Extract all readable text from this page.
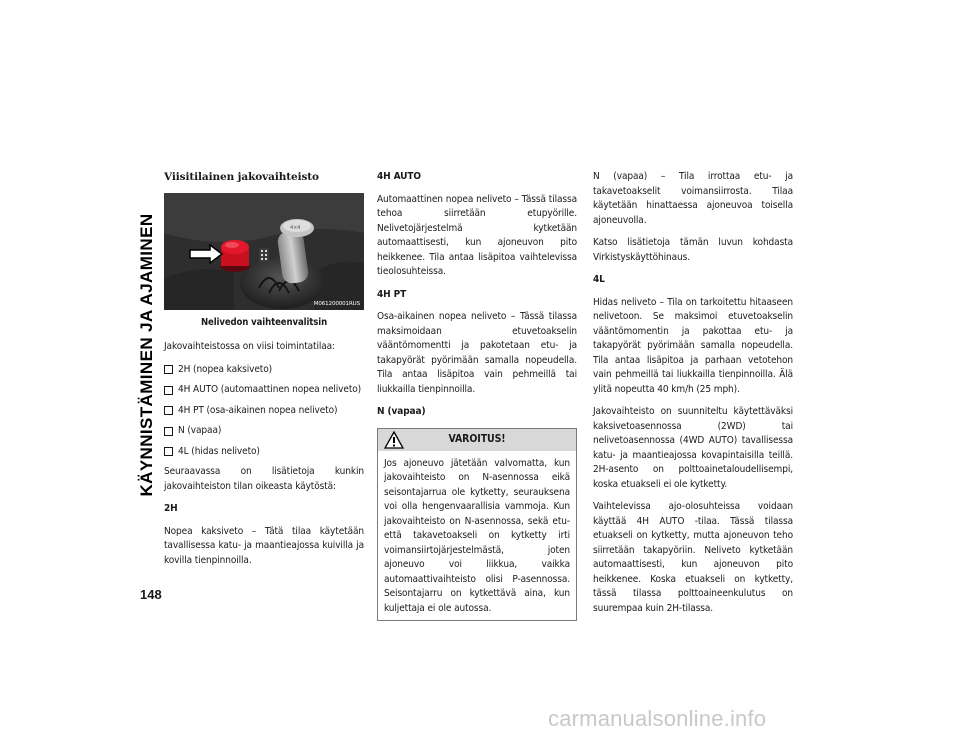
KÄYNNISTÄMINEN JA AJAMINEN
148
Viisitilainen jakovaihteisto
4×4
M061200001RUS
Nelivedon vaihteenvalitsin

Jakovaihteistossa on viisi toimintatilaa:

2H (nopea kaksiveto)
4H AUTO (automaattinen nopea neliveto)
4H PT (osa-aikainen nopea neliveto)
N (vapaa)
4L (hidas neliveto)

Seuraavassa on lisätietoja kunkin jakovaihteiston tilan oikeasta käytöstä:

2H

Nopea kaksiveto – Tätä tilaa käytetään tavallisessa katu- ja maantieajossa kuivilla ja kovilla tienpinnoilla.

4H AUTO

Automaattinen nopea neliveto – Tässä tilassa tehoa siirretään etupyörille. Nelivetojärjestelmä kytketään automaattisesti, kun ajoneuvon pito heikkenee. Tila antaa lisäpitoa vaihtelevissa tieolosuhteissa.

4H PT

Osa-aikainen nopea neliveto – Tässä tilassa maksimoidaan etuvetoakselin vääntömomentti ja pakotetaan etu- ja takapyörät pyörimään samalla nopeudella. Tila antaa lisäpitoa vain pehmeillä tai liukkailla tienpinnoilla.

N (vapaa)
VAROITUS!

Jos ajoneuvo jätetään valvomatta, kun jakovaihteisto on N-asennossa eikä seisontajarrua ole kytketty, seurauksena voi olla hengenvaarallisia vammoja. Kun jakovaihteisto on N-asennossa, sekä etu- että takavetoakseli on kytketty irti voimansiirtojärjestelmästä, joten ajoneuvo voi liikkua, vaikka automaattivaihteisto olisi P-asennossa. Seisontajarru on kytkettävä aina, kun kuljettaja ei ole autossa.

N (vapaa) – Tila irrottaa etu- ja takavetoakselit voimansiirrosta. Tilaa käytetään hinattaessa ajoneuvoa toisella ajoneuvolla.

Katso lisätietoja tämän luvun kohdasta Virkistyskäyttöhinaus.

4L

Hidas neliveto – Tila on tarkoitettu hitaaseen nelivetoon. Se maksimoi etuvetoakselin vääntömomentin ja pakottaa etu- ja takapyörät pyörimään samalla nopeudella. Tila antaa lisäpitoa ja parhaan vetotehon vain pehmeillä tai liukkailla tienpinnoilla. Älä ylitä nopeutta 40 km/h (25 mph).

Jakovaihteisto on suunniteltu käytettäväksi kaksivetoasennossa (2WD) tai nelivetoasennossa (4WD AUTO) tavallisessa katu- ja maantieajossa kovapintaisilla teillä. 2H-asento on polttoainetaloudellisempi, koska etuakseli ei ole kytketty.

Vaihtelevissa ajo-olosuhteissa voidaan käyttää 4H AUTO -tilaa. Tässä tilassa etuakseli on kytketty, mutta ajoneuvon teho siirretään takapyöriin. Neliveto kytketään automaattisesti, kun ajoneuvon pito heikkenee. Koska etuakseli on kytketty, tässä tilassa polttoaineenkulutus on suurempaa kuin 2H-tilassa.

carmanualsonline.info
